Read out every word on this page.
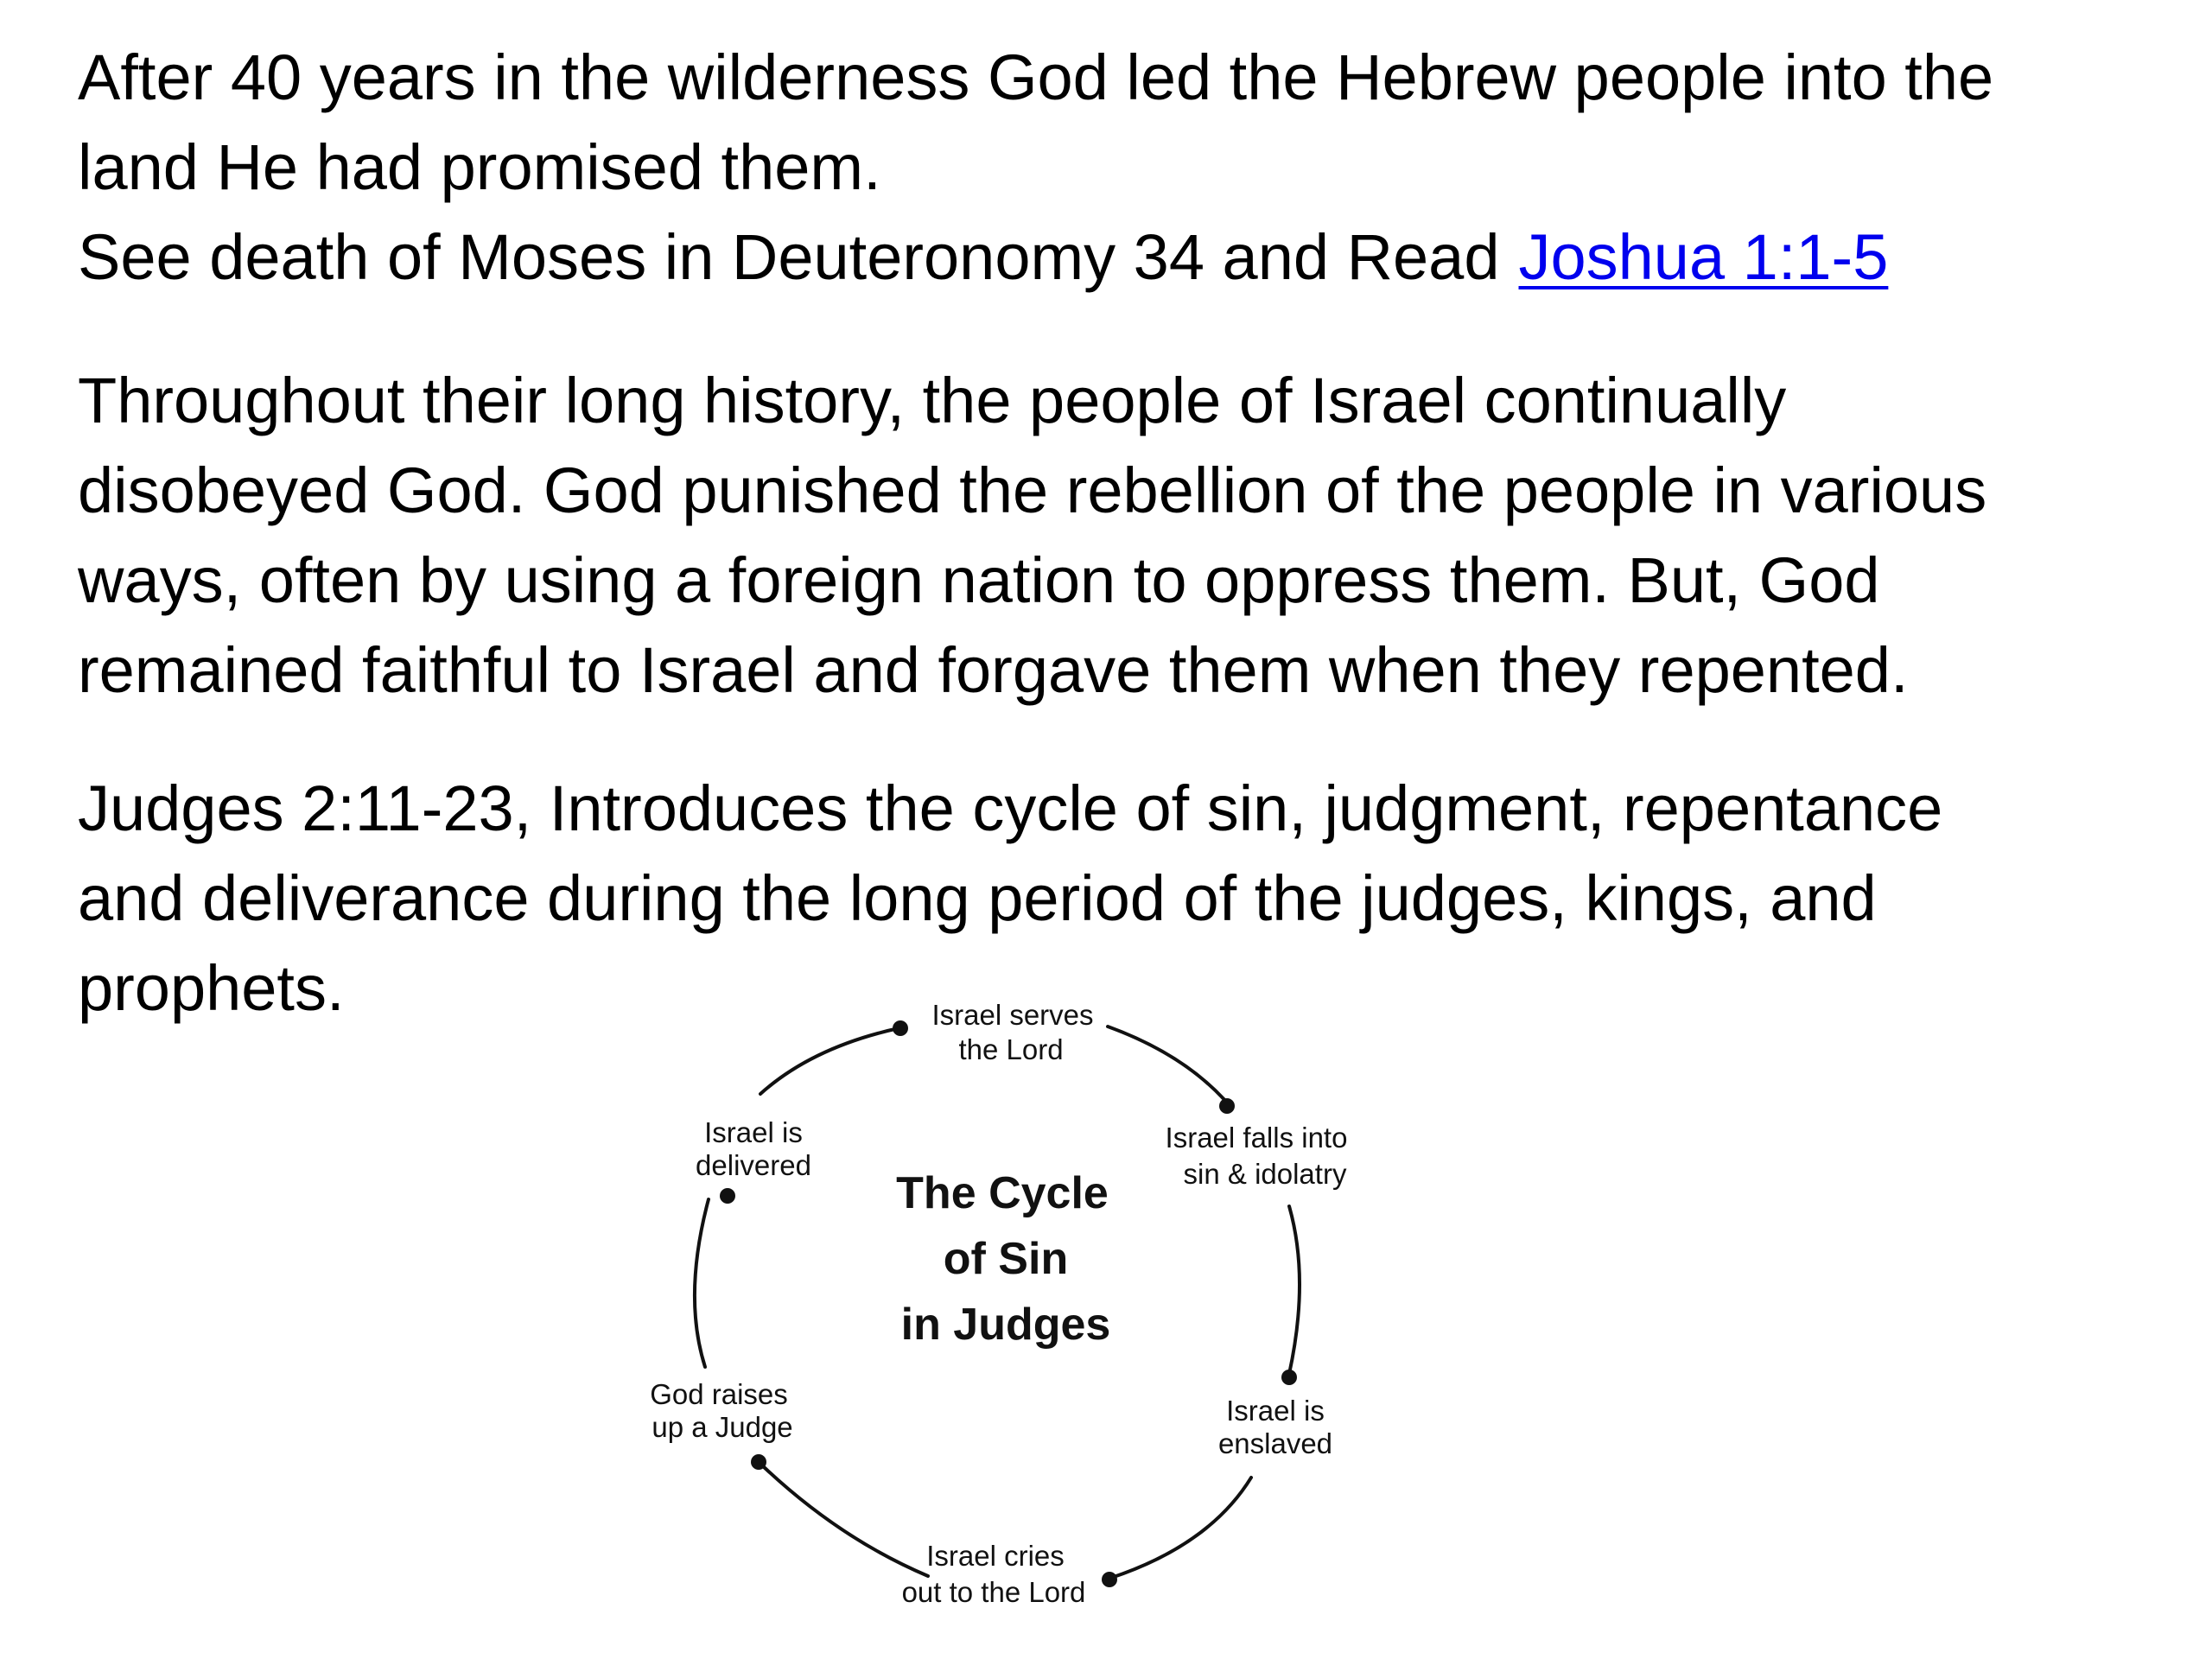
After 40 years in the wilderness God led the Hebrew people into the
land He had promised them.
See death of Moses in Deuteronomy 34 and Read Joshua 1:1-5
Throughout their long history, the people of Israel continually
disobeyed God. God punished the rebellion of the people in various
ways, often by using a foreign nation to oppress them. But, God
remained faithful to Israel and forgave them when they repented.
Judges 2:11-23, Introduces the cycle of sin, judgment, repentance
and deliverance during the long period of the judges, kings, and
prophets.	Israel serves
the Lord
Israel falls into
sin & idolatry
Israel is
enslaved
Israel cries
out to the Lord
God raises
up a Judge
Israel is
delivered
The Cycle
of Sin
in Judges
